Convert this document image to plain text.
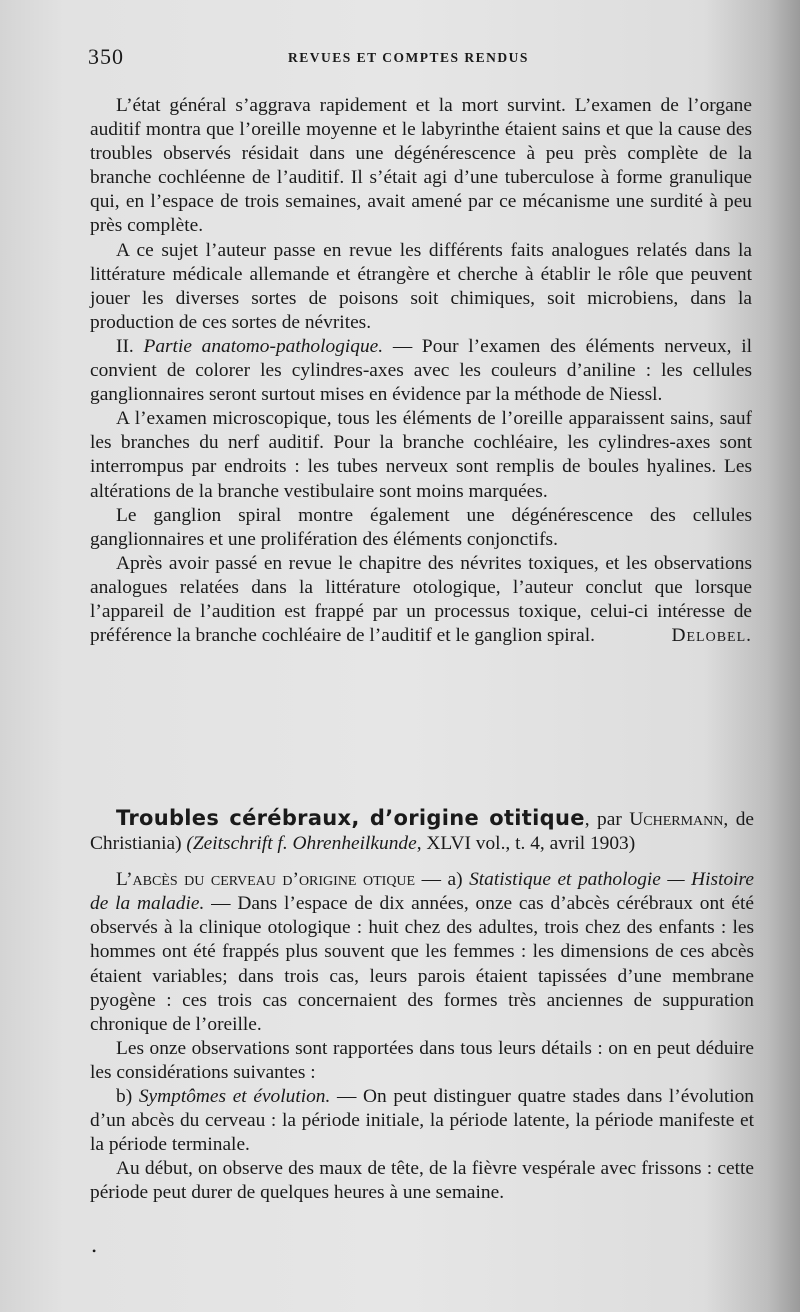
350	REVUES ET COMPTES RENDUS

L’état général s’aggrava rapidement et la mort survint. L’examen de l’organe auditif montra que l’oreille moyenne et le labyrinthe étaient sains et que la cause des troubles observés résidait dans une dégénérescence à peu près complète de la branche cochléenne de l’auditif. Il s’était agi d’une tuberculose à forme granulique qui, en l’espace de trois semaines, avait amené par ce mécanisme une surdité à peu près complète.

A ce sujet l’auteur passe en revue les différents faits analogues relatés dans la littérature médicale allemande et étrangère et cherche à établir le rôle que peuvent jouer les diverses sortes de poisons soit chimiques, soit microbiens, dans la production de ces sortes de névrites.

II. Partie anatomo-pathologique. — Pour l’examen des éléments nerveux, il convient de colorer les cylindres-axes avec les couleurs d’aniline : les cellules ganglionnaires seront surtout mises en évidence par la méthode de Niessl.

A l’examen microscopique, tous les éléments de l’oreille apparaissent sains, sauf les branches du nerf auditif. Pour la branche cochléaire, les cylindres-axes sont interrompus par endroits : les tubes nerveux sont remplis de boules hyalines. Les altérations de la branche vestibulaire sont moins marquées.

Le ganglion spiral montre également une dégénérescence des cellules ganglionnaires et une prolifération des éléments conjonctifs.

Après avoir passé en revue le chapitre des névrites toxiques, et les observations analogues relatées dans la littérature otologique, l’auteur conclut que lorsque l’appareil de l’audition est frappé par un processus toxique, celui-ci intéresse de préférence la branche cochléaire de l’auditif et le ganglion spiral.	Delobel.

Troubles cérébraux, d’origine otitique, par Uchermann, de Christiania) (Zeitschrift f. Ohrenheilkunde, XLVI vol., t. 4, avril 1903)

L’abcès du cerveau d’origine otique — a) Statistique et pathologie — Histoire de la maladie. — Dans l’espace de dix années, onze cas d’abcès cérébraux ont été observés à la clinique otologique : huit chez des adultes, trois chez des enfants : les hommes ont été frappés plus souvent que les femmes : les dimensions de ces abcès étaient variables; dans trois cas, leurs parois étaient tapissées d’une membrane pyogène : ces trois cas concernaient des formes très anciennes de suppuration chronique de l’oreille.

Les onze observations sont rapportées dans tous leurs détails : on en peut déduire les considérations suivantes :

b) Symptômes et évolution. — On peut distinguer quatre stades dans l’évolution d’un abcès du cerveau : la période initiale, la période latente, la période manifeste et la période terminale.

Au début, on observe des maux de tête, de la fièvre vespérale avec frissons : cette période peut durer de quelques heures à une semaine.

•
